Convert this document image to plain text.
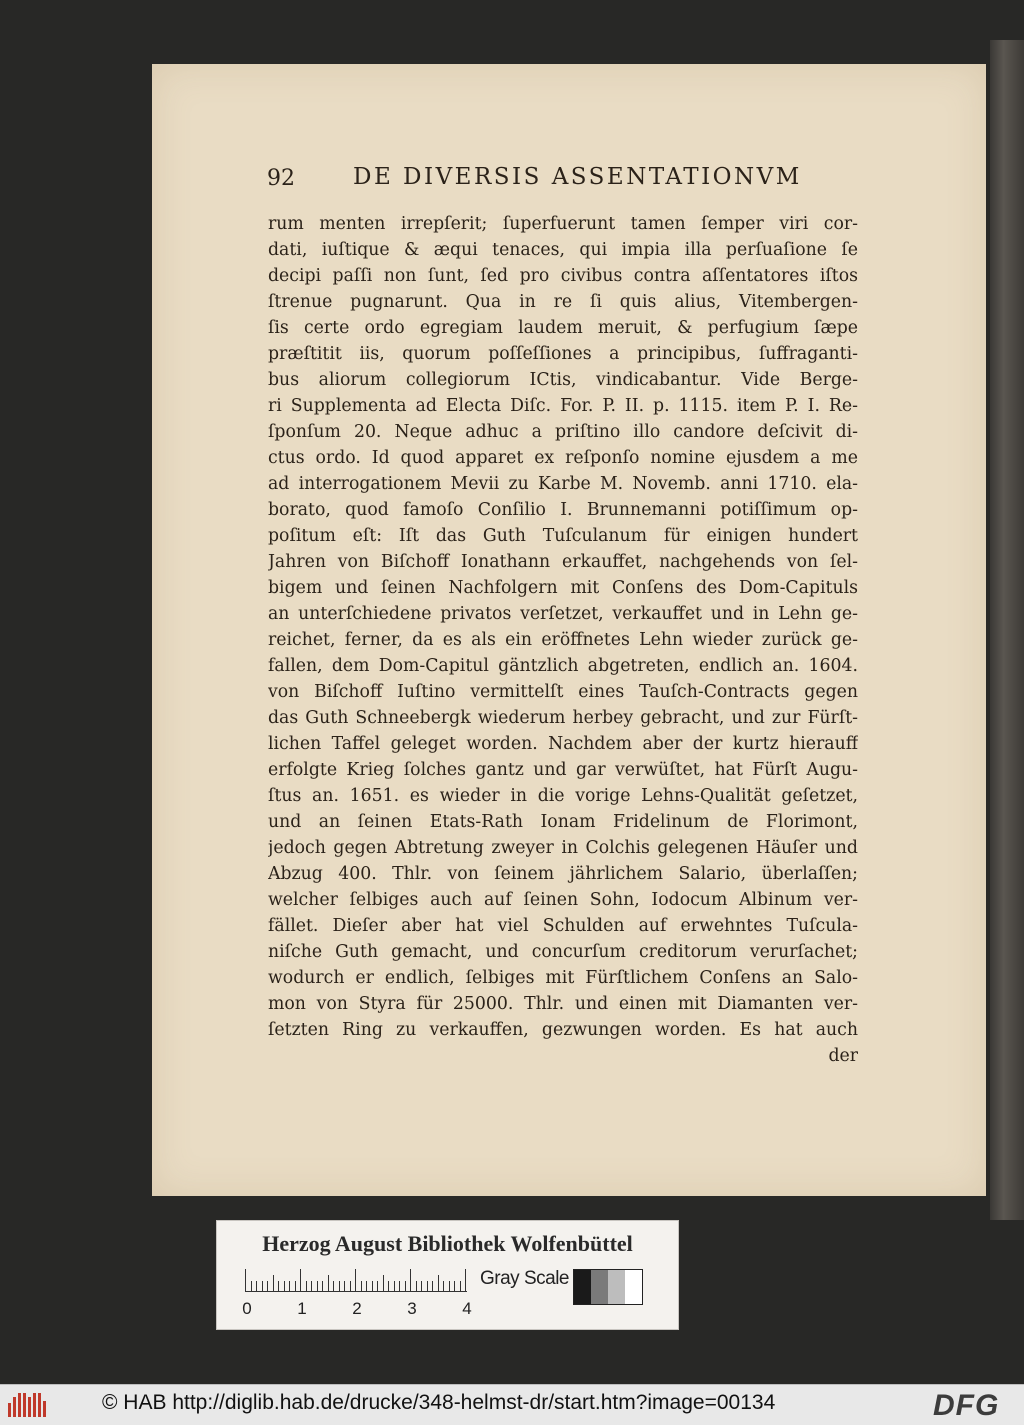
92	DE DIVERSIS ASSENTATIONVM
rum menten irrepſerit; ſuperfuerunt tamen ſemper viri cor-
dati, iuſtique & æqui tenaces, qui impia illa perſuaſione ſe
decipi paſſi non ſunt, ſed pro civibus contra aſſentatores iſtos
ſtrenue pugnarunt. Qua in re ſi quis alius, Vitembergen-
ſis certe ordo egregiam laudem meruit, & perfugium ſæpe
præſtitit iis, quorum poſſeſſiones a principibus, ſuffraganti-
bus aliorum collegiorum ICtis, vindicabantur. Vide Berge-
ri Supplementa ad Electa Diſc. For. P. II. p. 1115. item P. I. Re-
ſponſum 20. Neque adhuc a priſtino illo candore deſcivit di-
ctus ordo. Id quod apparet ex reſponſo nomine ejusdem a me
ad interrogationem Mevii zu Karbe M. Novemb. anni 1710. ela-
borato, quod famoſo Conſilio I. Brunnemanni potiſſimum op-
poſitum eſt: Iſt das Guth Tuſculanum für einigen hundert
Jahren von Biſchoff Ionathann erkauffet, nachgehends von ſel-
bigem und ſeinen Nachfolgern mit Conſens des Dom-Capituls
an unterſchiedene privatos verſetzet, verkauffet und in Lehn ge-
reichet, ferner, da es als ein eröffnetes Lehn wieder zurück ge-
fallen, dem Dom-Capitul gäntzlich abgetreten, endlich an. 1604.
von Biſchoff Iuſtino vermittelſt eines Tauſch-Contracts gegen
das Guth Schneebergk wiederum herbey gebracht, und zur Fürſt-
lichen Taffel geleget worden. Nachdem aber der kurtz hierauff
erfolgte Krieg ſolches gantz und gar verwüſtet, hat Fürſt Augu-
ſtus an. 1651. es wieder in die vorige Lehns-Qualität geſetzet,
und an ſeinen Etats-Rath Ionam Fridelinum de Florimont,
jedoch gegen Abtretung zweyer in Colchis gelegenen Häuſer und
Abzug 400. Thlr. von ſeinem jährlichem Salario, überlaſſen;
welcher ſelbiges auch auf ſeinen Sohn, Iodocum Albinum ver-
fället. Dieſer aber hat viel Schulden auf erwehntes Tuſcula-
niſche Guth gemacht, und concurſum creditorum verurſachet;
wodurch er endlich, ſelbiges mit Fürſtlichem Conſens an Salo-
mon von Styra für 25000. Thlr. und einen mit Diamanten ver-
ſetzten Ring zu verkauffen, gezwungen worden. Es hat auch
der
Herzog August Bibliothek Wolfenbüttel
0	1	2	3	4
Gray Scale
© HAB http://diglib.hab.de/drucke/348-helmst-dr/start.htm?image=00134	DFG
